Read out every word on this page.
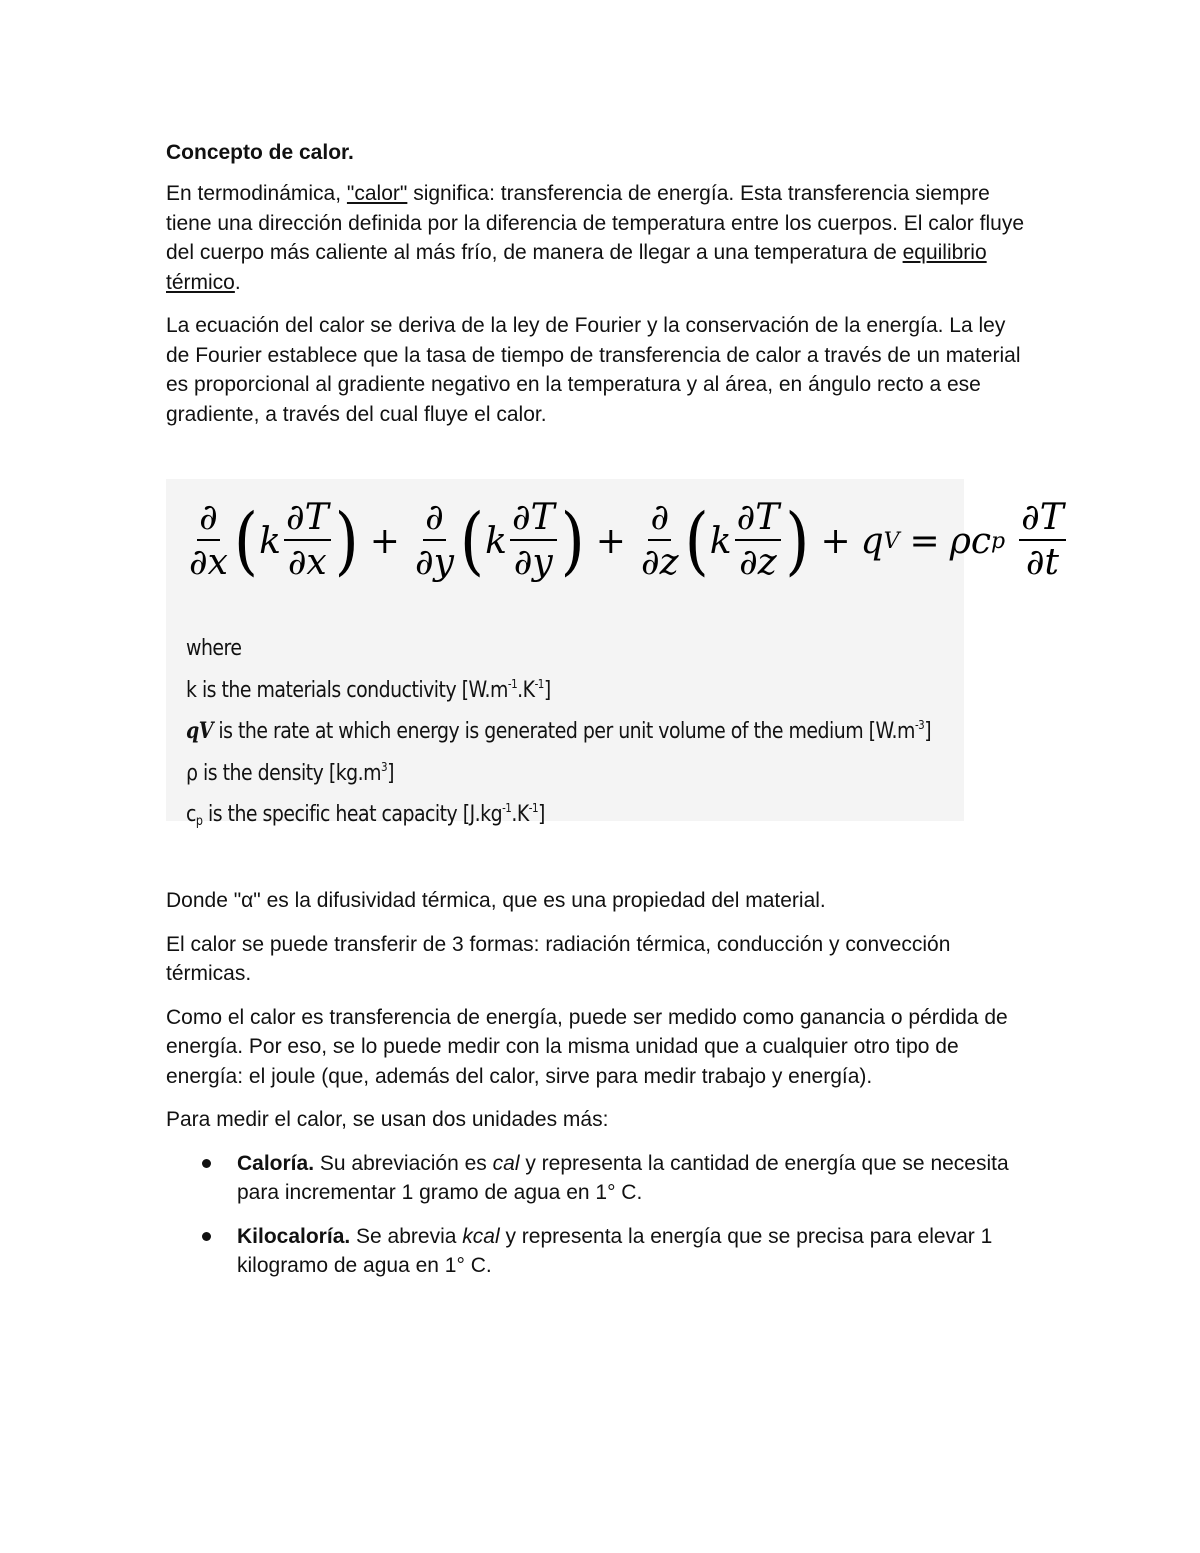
Concepto de calor.

En termodinámica, "calor" significa: transferencia de energía. Esta transferencia siempre tiene una dirección definida por la diferencia de temperatura entre los cuerpos. El calor fluye del cuerpo más caliente al más frío, de manera de llegar a una temperatura de equilibrio térmico.

La ecuación del calor se deriva de la ley de Fourier y la conservación de la energía. La ley de Fourier establece que la tasa de tiempo de transferencia de calor a través de un material es proporcional al gradiente negativo en la temperatura y al área, en ángulo recto a ese gradiente, a través del cual fluye el calor.

$\frac{\partial}{\partial x}$ ( k $\frac{\partial T}{\partial x}$ ) + $\frac{\partial}{\partial y}$ ( k $\frac{\partial T}{\partial y}$ ) + $\frac{\partial}{\partial z}$ ( k $\frac{\partial T}{\partial z}$ ) + q V = ρc p $\frac{\partial T}{\partial t}$
where
k is the materials conductivity $[W.m^{-1}.K^{-1}]$
qV is the rate at which energy is generated per unit volume of the medium $[W.m^{-3}]$
ρ is the density $[kg.m^3]$
cp is the specific heat capacity $[J.kg^{-1}.K^{-1}]$

Donde "α" es la difusividad térmica, que es una propiedad del material.

El calor se puede transferir de 3 formas: radiación térmica, conducción y convección térmicas.

Como el calor es transferencia de energía, puede ser medido como ganancia o pérdida de energía. Por eso, se lo puede medir con la misma unidad que a cualquier otro tipo de energía: el joule (que, además del calor, sirve para medir trabajo y energía).

Para medir el calor, se usan dos unidades más:

Caloría. Su abreviación es cal y representa la cantidad de energía que se necesita para incrementar 1 gramo de agua en 1° C.
Kilocaloría. Se abrevia kcal y representa la energía que se precisa para elevar 1 kilogramo de agua en 1° C.
